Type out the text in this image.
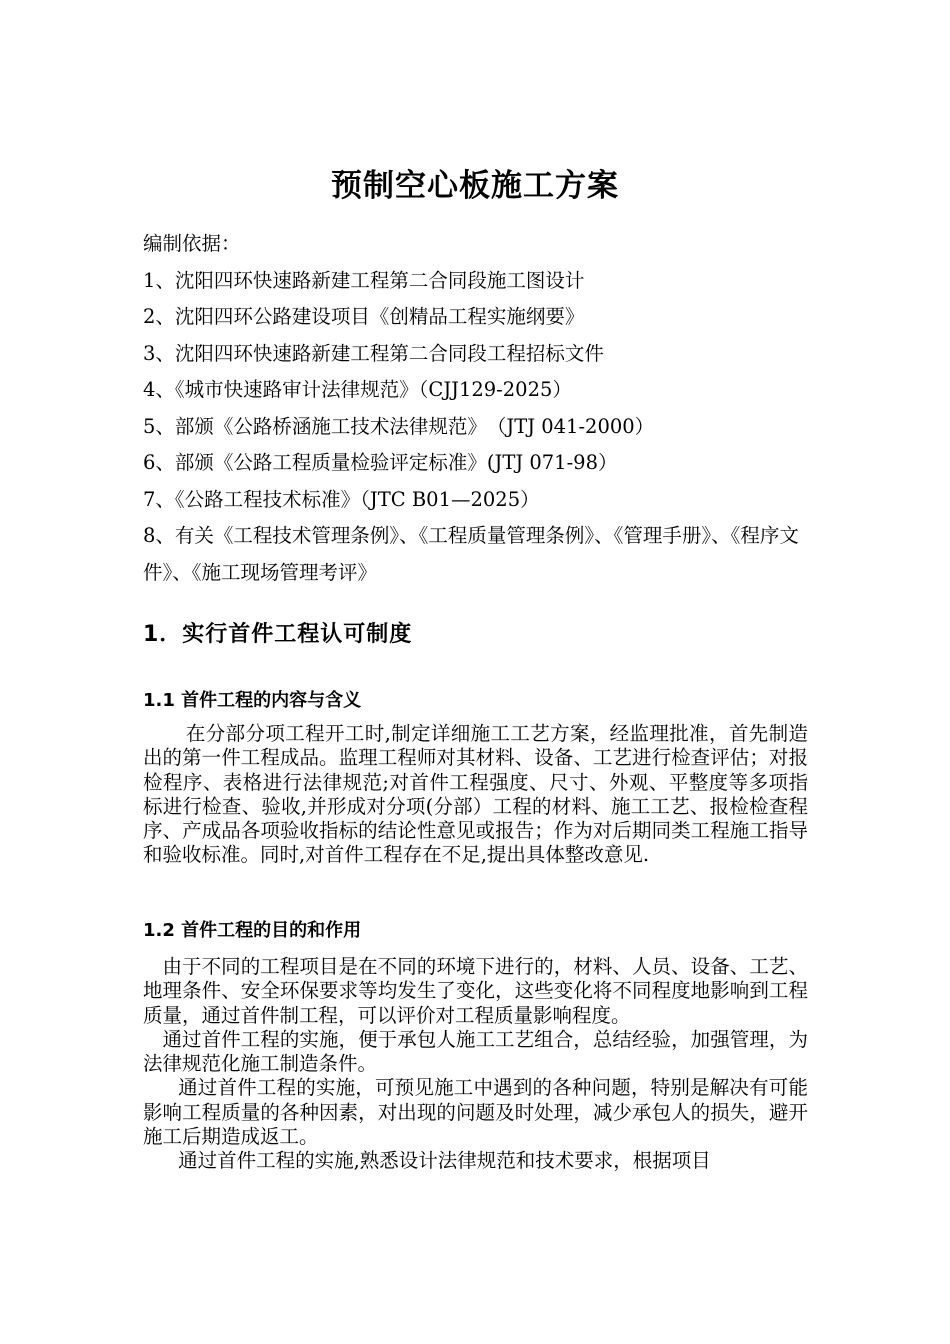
预制空心板施工方案
编制依据：
1、沈阳四环快速路新建工程第二合同段施工图设计
2、沈阳四环公路建设项目《创精品工程实施纲要》
3、沈阳四环快速路新建工程第二合同段工程招标文件
4、《城市快速路审计法律规范》（CJJ129-2025）
5、部颁《公路桥涵施工技术法律规范》　（JTJ 041-2000）
6、部颁《公路工程质量检验评定标准》(JTJ 071-98）
7、《公路工程技术标准》（JTC B01—2025）
8、有关《工程技术管理条例》、《工程质量管理条例》、《管理手册》、《程序文件》、《施工现场管理考评》
1．实行首件工程认可制度
1.1 首件工程的内容与含义

在分部分项工程开工时,制定详细施工工艺方案，经监理批准，首先制造出的第一件工程成品。监理工程师对其材料、设备、工艺进行检查评估；对报检程序、表格进行法律规范;对首件工程强度、尺寸、外观、平整度等多项指标进行检查、验收,并形成对分项(分部）工程的材料、施工工艺、报检检查程序、产成品各项验收指标的结论性意见或报告；作为对后期同类工程施工指导和验收标准。同时,对首件工程存在不足,提出具体整改意见.

1.2 首件工程的目的和作用

由于不同的工程项目是在不同的环境下进行的，材料、人员、设备、工艺、地理条件、安全环保要求等均发生了变化，这些变化将不同程度地影响到工程质量，通过首件制工程，可以评价对工程质量影响程度。

通过首件工程的实施，便于承包人施工工艺组合，总结经验，加强管理，为法律规范化施工制造条件。

通过首件工程的实施，可预见施工中遇到的各种问题，特别是解决有可能影响工程质量的各种因素，对出现的问题及时处理，减少承包人的损失，避开施工后期造成返工。

通过首件工程的实施,熟悉设计法律规范和技术要求，根据项目
